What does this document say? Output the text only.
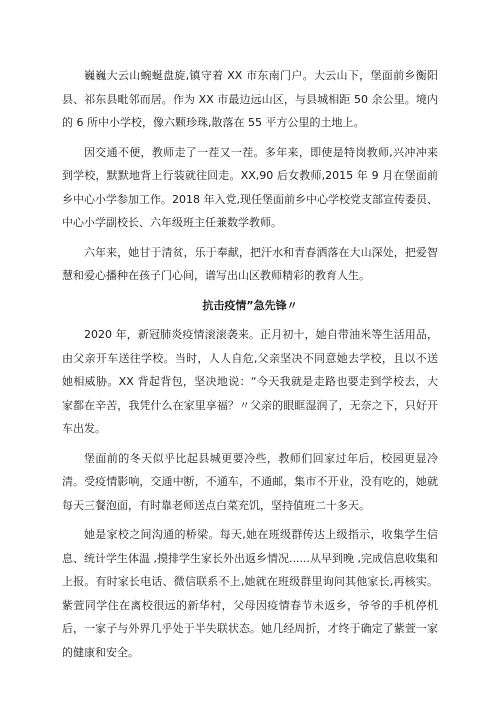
巍巍大云山蜿蜒盘旋,镇守着 XX 市东南门户。大云山下，堡面前乡衡阳县、祁东县毗邻而居。作为 XX 市最边远山区，与县城相距 50 余公里。境内的 6 所中小学校，像六颗珍珠,散落在 55 平方公里的土地上。

因交通不便，教师走了一茬又一茬。多年来，即使是特岗教师,兴冲冲来到学校，默默地背上行装就往回走。XX,90 后女教师,2015 年 9 月在堡面前乡中心小学参加工作。2018 年入党,现任堡面前乡中心学校党支部宣传委员、中心小学副校长、六年级班主任兼数学教师。

六年来，她甘于清贫，乐于奉献，把汗水和青春洒落在大山深处，把爱智慧和爱心播种在孩子门心间，谱写出山区教师精彩的教育人生。

抗击疫情”急先锋〃

2020 年，新冠肺炎疫情滚滚袭来。正月初十，她自带油米等生活用品，由父亲开车送往学校。当时，人人自危,父亲坚决不同意她去学校，且以不送她相威胁。XX 背起背包，坚决地说：“今天我就是走路也要走到学校去，大家都在辛苦，我凭什么在家里享福？〃父亲的眼眶湿润了，无奈之下，只好开车出发。

堡面前的冬天似乎比起县城更要冷些，教师们回家过年后，校园更显冷清。受疫情影响，交通中断，不通车，不通邮，集市不开业，没有吃的，她就每天三餐泡面，有时靠老师送点白菜充饥，坚持值班二十多天。

她是家校之间沟通的桥梁。每天,她在班级群传达上级指示，收集学生信息、统计学生体温 ,摸排学生家长外出返乡情况......从早到晚 ,完成信息收集和上报。有时家长电话、微信联系不上,她就在班级群里询问其他家长,再核实。紫萱同学住在离校很远的新华村，父母因疫情春节未返乡，爷爷的手机停机后，一家子与外界几乎处于半失联状态。她几经周折，才终于确定了紫萱一家的健康和安全。
